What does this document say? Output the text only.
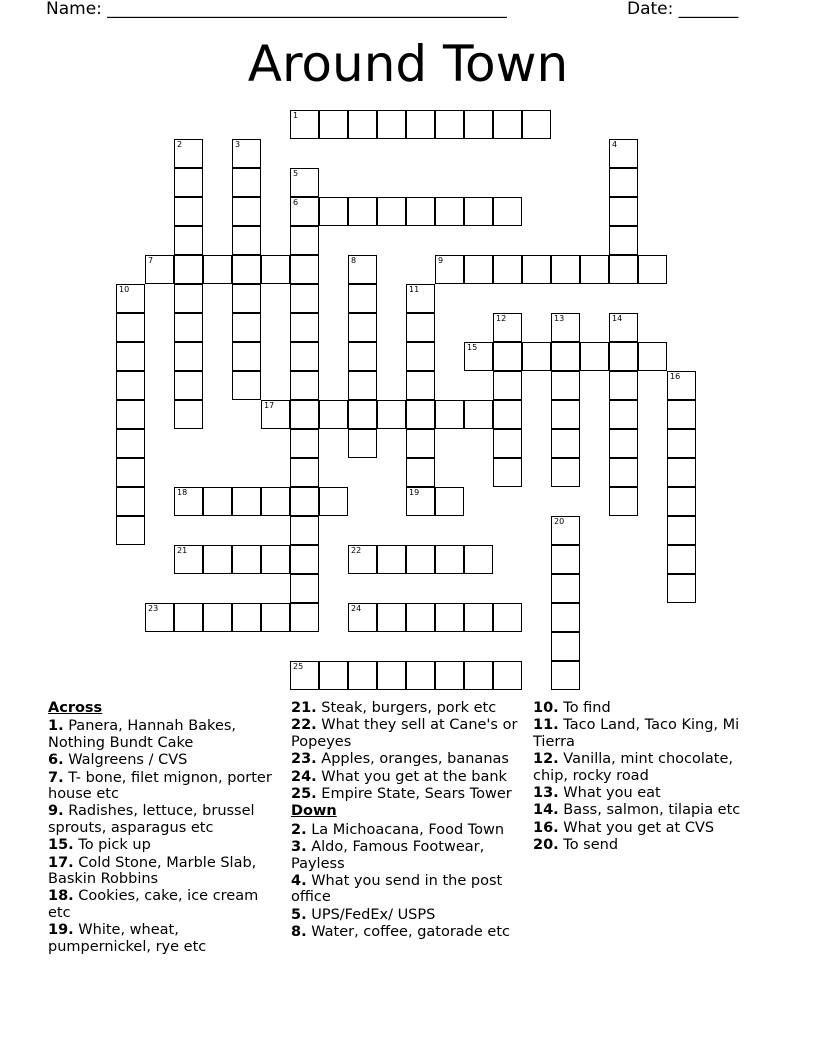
Name: _______________________________________________	Date: _______
Around Town
1
2	3	4
5
6
7	8	9
10	11
19
12	13	14
15
16
17
18
20
21	22
23	24
25
Across
1. Panera, Hannah Bakes, Nothing Bundt Cake
6. Walgreens / CVS
7. T- bone, filet mignon, porter house etc
9. Radishes, lettuce, brussel sprouts, asparagus etc
15. To pick up
17. Cold Stone, Marble Slab, Baskin Robbins
18. Cookies, cake, ice cream etc
19. White, wheat, pumpernickel, rye etc
21. Steak, burgers, pork etc
22. What they sell at Cane's or Popeyes
23. Apples, oranges, bananas
24. What you get at the bank
25. Empire State, Sears Tower
Down
2. La Michoacana, Food Town
3. Aldo, Famous Footwear, Payless
4. What you send in the post office
5. UPS/FedEx/ USPS
8. Water, coffee, gatorade etc
10. To find
11. Taco Land, Taco King, Mi Tierra
12. Vanilla, mint chocolate, chip, rocky road
13. What you eat
14. Bass, salmon, tilapia etc
16. What you get at CVS
20. To send
